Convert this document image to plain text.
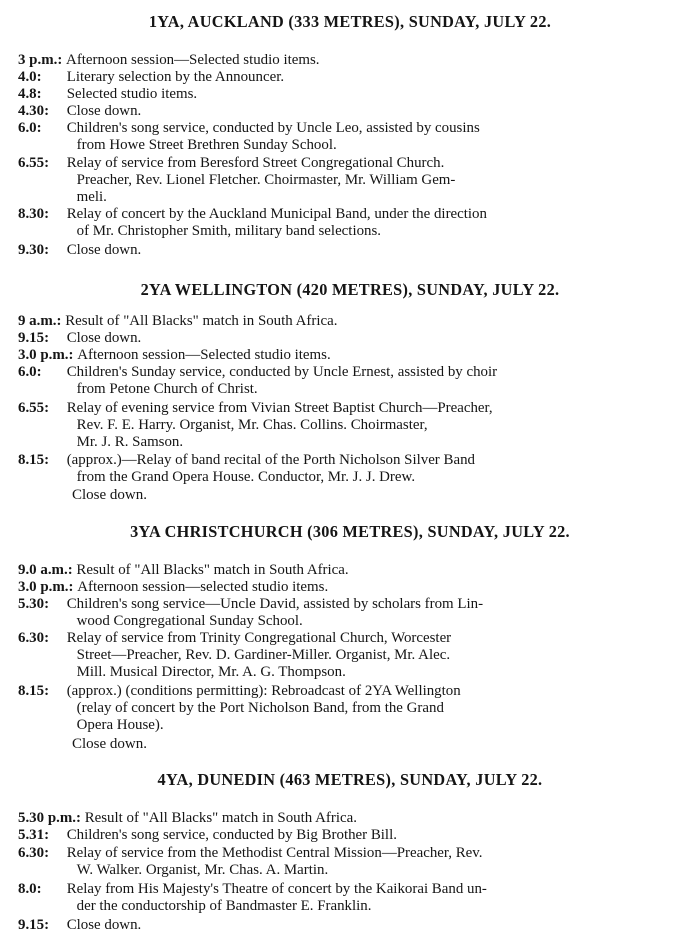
1YA, AUCKLAND (333 METRES), SUNDAY, JULY 22.
3 p.m.:
Afternoon session—Selected studio items.
4.0:	Literary selection by the Announcer.
4.8:	Selected studio items.
4.30:	Close down.
6.0:	Children's song service, conducted by Uncle Leo, assisted by cousins
from Howe Street Brethren Sunday School.
6.55:	Relay of service from Beresford Street Congregational Church.
Preacher, Rev. Lionel Fletcher. Choirmaster, Mr. William Gem-
meli.
8.30:	Relay of concert by the Auckland Municipal Band, under the direction
of Mr. Christopher Smith, military band selections.
9.30:	Close down.
2YA WELLINGTON (420 METRES), SUNDAY, JULY 22.
9 a.m.:
Result of "All Blacks" match in South Africa.
9.15:	Close down.
3.0 p.m.:
Afternoon session—Selected studio items.
6.0:	Children's Sunday service, conducted by Uncle Ernest, assisted by choir
from Petone Church of Christ.
6.55:	Relay of evening service from Vivian Street Baptist Church—Preacher,
Rev. F. E. Harry. Organist, Mr. Chas. Collins. Choirmaster,
Mr. J. R. Samson.
8.15:	(approx.)—Relay of band recital of the Porth Nicholson Silver Band
from the Grand Opera House. Conductor, Mr. J. J. Drew.
Close down.
3YA CHRISTCHURCH (306 METRES), SUNDAY, JULY 22.
9.0 a.m.:
Result of "All Blacks" match in South Africa.
3.0 p.m.:
Afternoon session—selected studio items.
5.30:	Children's song service—Uncle David, assisted by scholars from Lin-
wood Congregational Sunday School.
6.30:	Relay of service from Trinity Congregational Church, Worcester
Street—Preacher, Rev. D. Gardiner-Miller. Organist, Mr. Alec.
Mill. Musical Director, Mr. A. G. Thompson.
8.15:	(approx.) (conditions permitting): Rebroadcast of 2YA Wellington
(relay of concert by the Port Nicholson Band, from the Grand
Opera House).
Close down.
4YA, DUNEDIN (463 METRES), SUNDAY, JULY 22.
5.30 p.m.:
Result of "All Blacks" match in South Africa.
5.31:	Children's song service, conducted by Big Brother Bill.
6.30:	Relay of service from the Methodist Central Mission—Preacher, Rev.
W. Walker. Organist, Mr. Chas. A. Martin.
8.0:	Relay from His Majesty's Theatre of concert by the Kaikorai Band un-
der the conductorship of Bandmaster E. Franklin.
9.15:	Close down.
